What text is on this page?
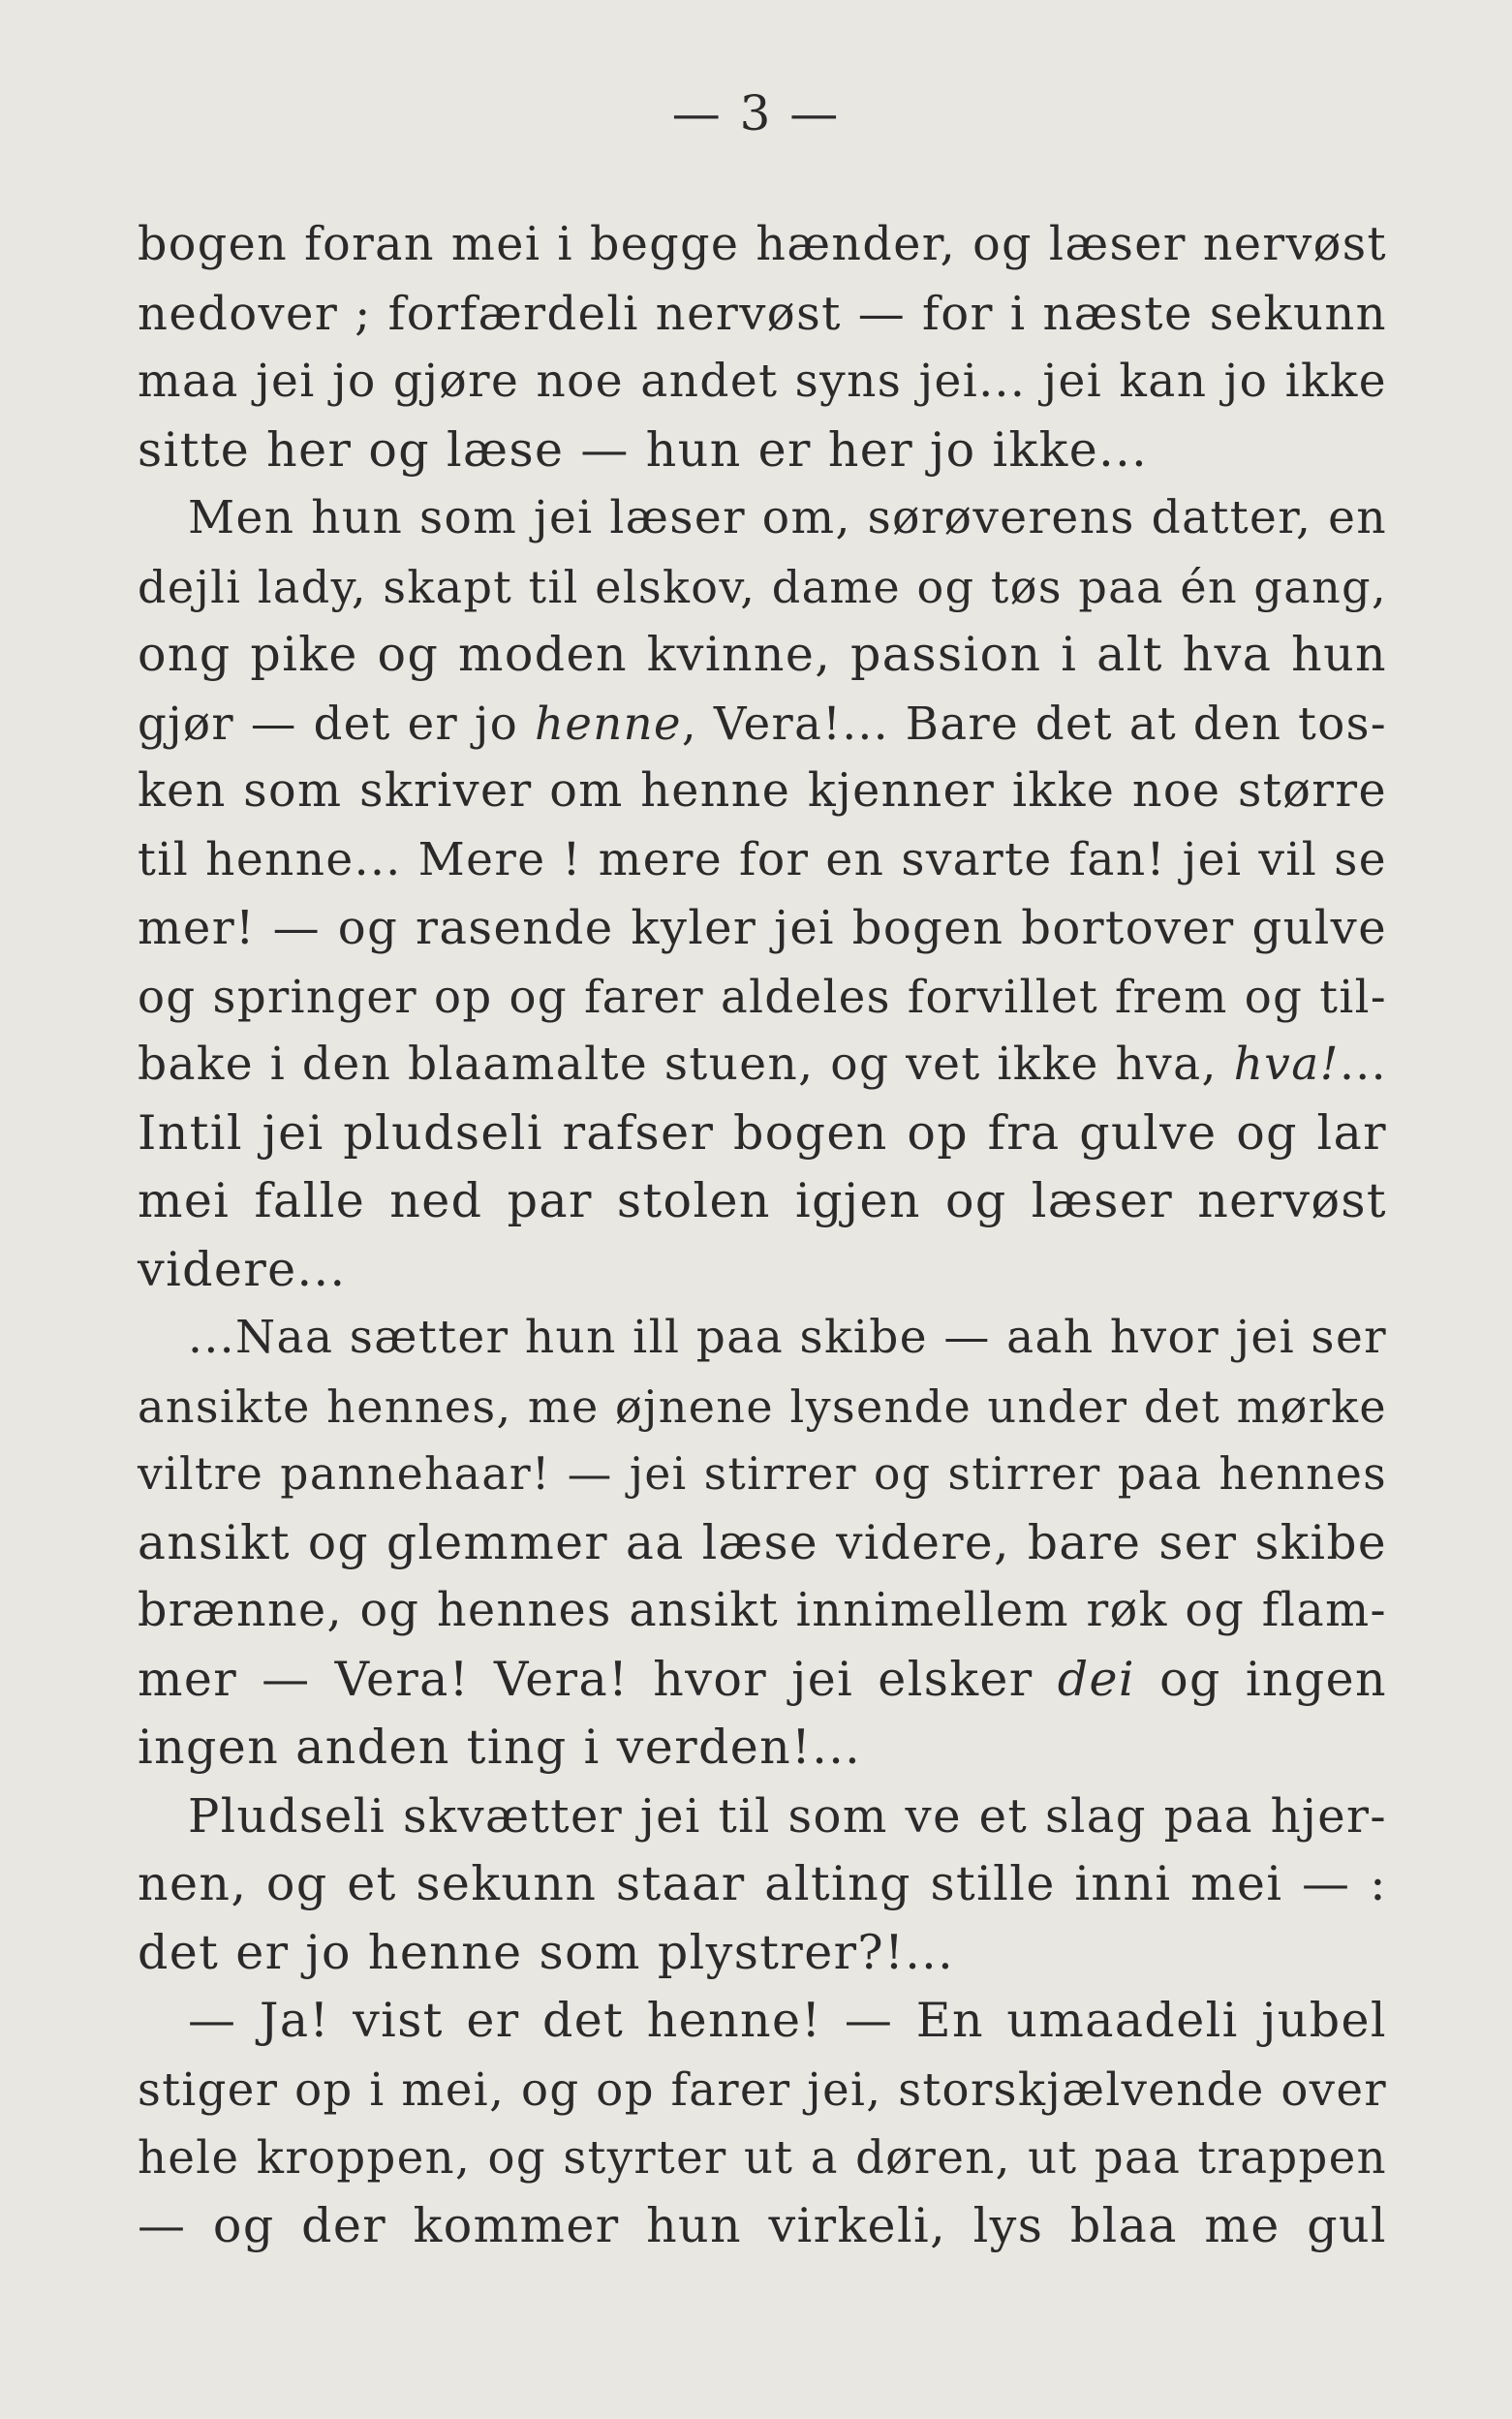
— 3 —
bogen foran mei i begge hænder, og læser nervøst
nedover ; forfærdeli nervøst — for i næste sekunn
maa jei jo gjøre noe andet syns jei... jei kan jo ikke
sitte her og læse — hun er her jo ikke...
Men hun som jei læser om, sørøverens datter, en
dejli lady, skapt til elskov, dame og tøs paa én gang,
ong pike og moden kvinne, passion i alt hva hun
gjør — det er jo henne, Vera!... Bare det at den tos-
ken som skriver om henne kjenner ikke noe større
til henne... Mere ! mere for en svarte fan! jei vil se
mer! — og rasende kyler jei bogen bortover gulve
og springer op og farer aldeles forvillet frem og til-
bake i den blaamalte stuen, og vet ikke hva, hva!...
Intil jei pludseli rafser bogen op fra gulve og lar
mei falle ned par stolen igjen og læser nervøst
videre...
...Naa sætter hun ill paa skibe — aah hvor jei ser
ansikte hennes, me øjnene lysende under det mørke
viltre pannehaar! — jei stirrer og stirrer paa hennes
ansikt og glemmer aa læse videre, bare ser skibe
brænne, og hennes ansikt innimellem røk og flam-
mer — Vera! Vera! hvor jei elsker dei og ingen
ingen anden ting i verden!...
Pludseli skvætter jei til som ve et slag paa hjer-
nen, og et sekunn staar alting stille inni mei — :
det er jo henne som plystrer?!...
— Ja! vist er det henne! — En umaadeli jubel
stiger op i mei, og op farer jei, storskjælvende over
hele kroppen, og styrter ut a døren, ut paa trappen
— og der kommer hun virkeli, lys blaa me gul
